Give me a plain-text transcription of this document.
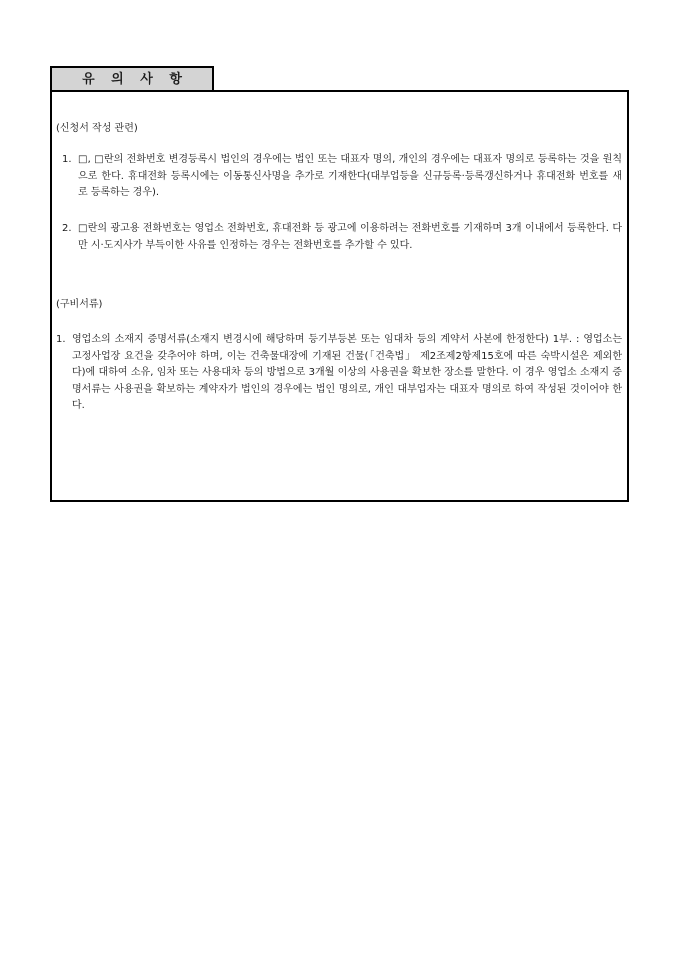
유 의 사 항
(신청서 작성 관련)
1. □, □란의 전화번호 변경등록시 법인의 경우에는 법인 또는 대표자 명의, 개인의 경우에는 대표자 명의로 등록하는 것을 원칙으로 한다. 휴대전화 등록시에는 이동통신사명을 추가로 기재한다(대부업등을 신규등록·등록갱신하거나 휴대전화 번호를 새로 등록하는 경우).
2. □란의 광고용 전화번호는 영업소 전화번호, 휴대전화 등 광고에 이용하려는 전화번호를 기재하며 3개 이내에서 등록한다. 다만 시·도지사가 부득이한 사유를 인정하는 경우는 전화번호를 추가할 수 있다.
(구비서류)
1. 영업소의 소재지 증명서류(소재지 변경시에 해당하며 등기부등본 또는 임대차 등의 계약서 사본에 한정한다) 1부. : 영업소는 고정사업장 요건을 갖추어야 하며, 이는 건축물대장에 기재된 건물(「건축법」 제2조제2항제15호에 따른 숙박시설은 제외한다)에 대하여 소유, 임차 또는 사용대차 등의 방법으로 3개월 이상의 사용권을 확보한 장소를 말한다. 이 경우 영업소 소재지 증명서류는 사용권을 확보하는 계약자가 법인의 경우에는 법인 명의로, 개인 대부업자는 대표자 명의로 하여 작성된 것이어야 한다.
